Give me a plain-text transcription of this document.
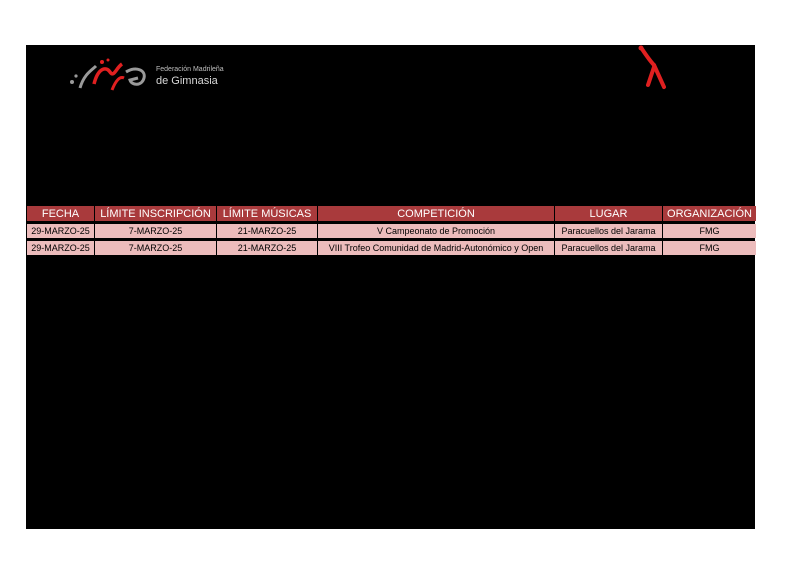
Federación Madrileña
de Gimnasia
FECHA	LÍMITE INSCRIPCIÓN	LÍMITE MÚSICAS	COMPETICIÓN	LUGAR	ORGANIZACIÓN

29-MARZO-25	7-MARZO-25	21-MARZO-25	V Campeonato de Promoción	Paracuellos del Jarama	FMG

29-MARZO-25	7-MARZO-25	21-MARZO-25	VIII Trofeo Comunidad de Madrid-Autonómico y Open	Paracuellos del Jarama	FMG
